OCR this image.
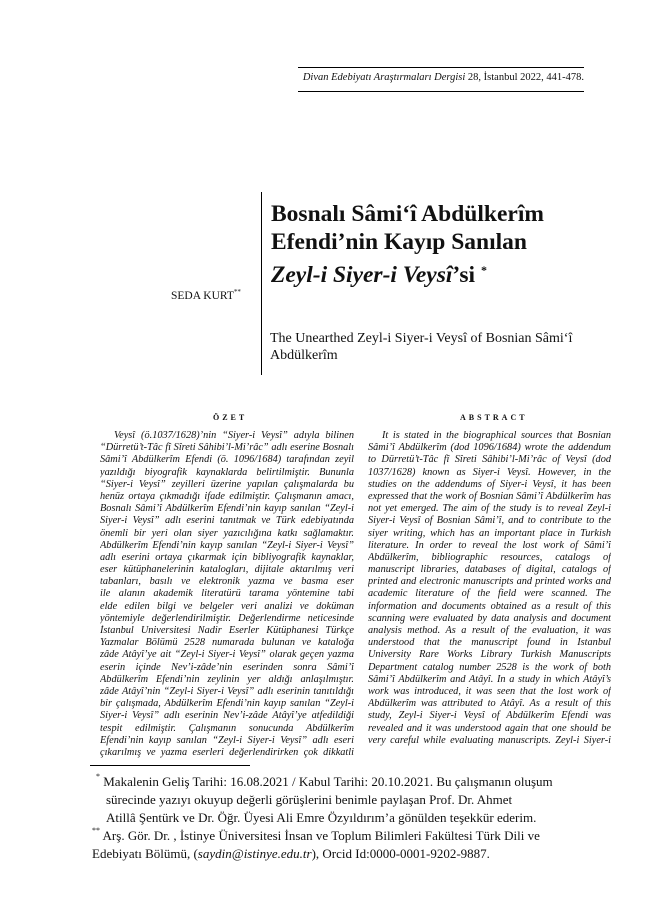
Divan Edebiyatı Araştırmaları Dergisi 28, İstanbul 2022, 441-478.
SEDA KURT**
Bosnalı Sâmi‘î Abdülkerîm
Efendi’nin Kayıp Sanılan
Zeyl-i Siyer-i Veysî’si *
The Unearthed Zeyl-i Siyer-i Veysî of Bosnian Sâmi‘î Abdülkerîm
ÖZET	ABSTRACT
Veysî (ö.1037/1628)’nin “Siyer-i Veysî” adıyla bilinen
“Dürretü’t-Tâc fî Sîreti Sâhibi’l-Mi’râc” adlı eserine Bosnalı
Sâmi’î Abdülkerîm Efendi (ö. 1096/1684) tarafından zeyil
yazıldığı biyografik kaynaklarda belirtilmiştir. Bununla
“Siyer-i Veysî” zeyilleri üzerine yapılan çalışmalarda bu
henüz ortaya çıkmadığı ifade edilmiştir. Çalışmanın amacı,
Bosnalı Sâmi’î Abdülkerîm Efendi’nin kayıp sanılan “Zeyl-i
Siyer-i Veysî” adlı eserini tanıtmak ve Türk edebiyatında
önemli bir yeri olan siyer yazıcılığına katkı sağlamaktır.
Abdülkerîm Efendi’nin kayıp sanılan “Zeyl-i Siyer-i Veysî”
adlı eserini ortaya çıkarmak için bibliyografik kaynaklar,
eser kütüphanelerinin katalogları, dijitale aktarılmış veri
tabanları, basılı ve elektronik yazma ve basma eser
ile alanın akademik literatürü tarama yöntemine tabi
elde edilen bilgi ve belgeler veri analizi ve doküman
yöntemiyle değerlendirilmiştir. Değerlendirme neticesinde
İstanbul Üniversitesi Nadir Eserler Kütüphanesi Türkçe
Yazmalar Bölümü 2528 numarada bulunan ve kataloğa
zâde Atâyî’ye ait “Zeyl-i Siyer-i Veysî” olarak geçen yazma
eserin içinde Nev’i-zâde’nin eserinden sonra Sâmi’î
Abdülkerîm Efendi’nin zeylinin yer aldığı anlaşılmıştır.
zâde Atâyî’nin “Zeyl-i Siyer-i Veysî” adlı eserinin tanıtıldığı
bir çalışmada, Abdülkerîm Efendi’nin kayıp sanılan “Zeyl-i
Siyer-i Veysî” adlı eserinin Nev’i-zâde Atâyî’ye atfedildiği
tespit edilmiştir. Çalışmanın sonucunda Abdülkerîm
Efendi’nin kayıp sanılan “Zeyl-i Siyer-i Veysî” adlı eseri
çıkarılmış ve yazma eserleri değerlendirirken çok dikkatli
It is stated in the biographical sources that Bosnian
Sâmi’î Abdülkerîm (dod 1096/1684) wrote the addendum
to Dürretü’t-Tâc fî Sîreti Sâhibi’l-Mi’râc of Veysî (dod
1037/1628) known as Siyer-i Veysî. However, in the
studies on the addendums of Siyer-i Veysî, it has been
expressed that the work of Bosnian Sâmi’î Abdülkerîm has
not yet emerged. The aim of the study is to reveal Zeyl-i
Siyer-i Veysî of Bosnian Sâmi’î, and to contribute to the
siyer writing, which has an important place in Turkish
literature. In order to reveal the lost work of Sâmi’î
Abdülkerîm, bibliographic resources, catalogs of
manuscript libraries, databases of digital, catalogs of
printed and electronic manuscripts and printed works and
academic literature of the field were scanned. The
information and documents obtained as a result of this
scanning were evaluated by data analysis and document
analysis method. As a result of the evaluation, it was
understood that the manuscript found in Istanbul
University Rare Works Library Turkish Manuscripts
Department catalog number 2528 is the work of both
Sâmi’î Abdülkerîm and Atâyî. In a study in which Atâyî’s
work was introduced, it was seen that the lost work of
Abdülkerîm was attributed to Atâyî. As a result of this
study, Zeyl-i Siyer-i Veysî of Abdülkerîm Efendi was
revealed and it was understood again that one should be
very careful while evaluating manuscripts. Zeyl-i Siyer-i
* Makalenin Geliş Tarihi: 16.08.2021 / Kabul Tarihi: 20.10.2021. Bu çalışmanın oluşum
sürecinde yazıyı okuyup değerli görüşlerini benimle paylaşan Prof. Dr. Ahmet
Atillâ Şentürk ve Dr. Öğr. Üyesi Ali Emre Özyıldırım’a gönülden teşekkür ederim.
** Arş. Gör. Dr. , İstinye Üniversitesi İnsan ve Toplum Bilimleri Fakültesi Türk Dili ve
Edebiyatı Bölümü, (saydin@istinye.edu.tr), Orcid Id:0000-0001-9202-9887.
